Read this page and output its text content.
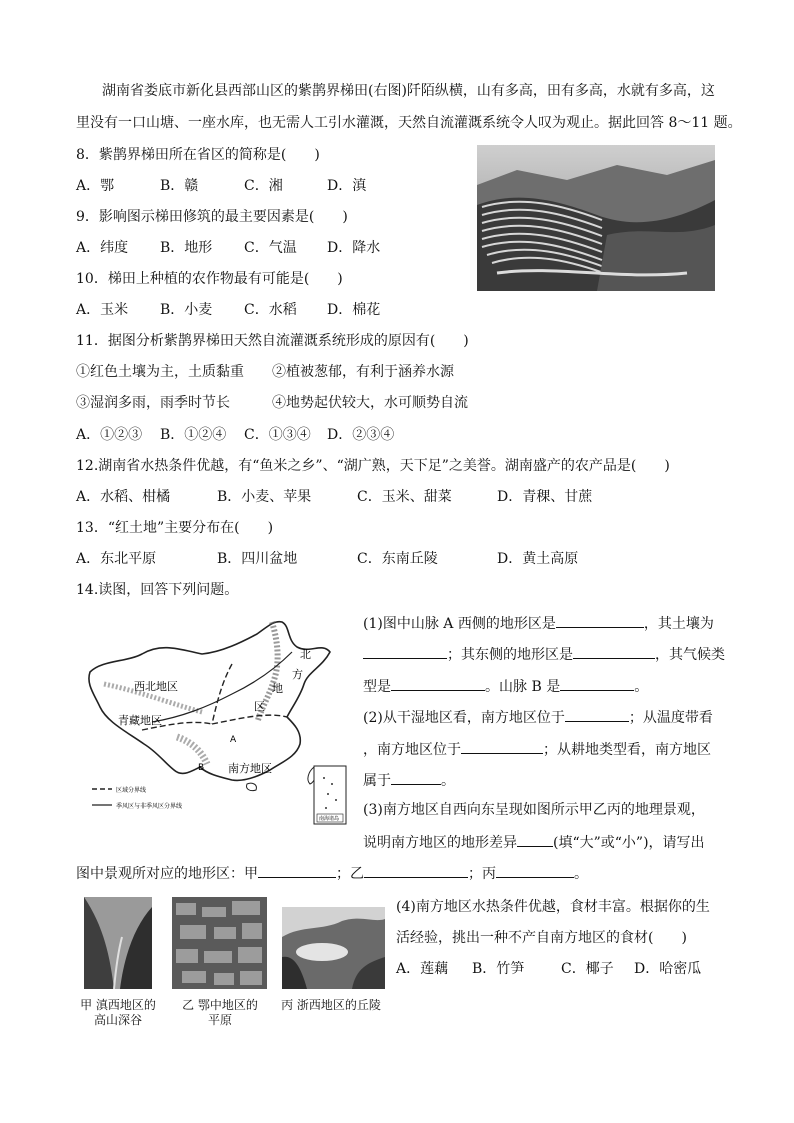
湖南省娄底市新化县西部山区的紫鹊界梯田(右图)阡陌纵横，山有多高，田有多高，水就有多高，这
里没有一口山塘、一座水库，也无需人工引水灌溉，天然自流灌溉系统令人叹为观止。据此回答 8～11 题。
8．紫鹊界梯田所在省区的简称是(　　)
A．鄂	B．赣	C．湘	D．滇
9．影响图示梯田修筑的最主要因素是(　　)
A．纬度 B．地形 C．气温 D．降水
10．梯田上种植的农作物最有可能是(　　)
A．玉米 B．小麦 C．水稻 D．棉花
11．据图分析紫鹊界梯田天然自流灌溉系统形成的原因有(　　)
①红色土壤为主，土质黏重 ②植被葱郁，有利于涵养水源
③湿润多雨，雨季时节长	④地势起伏较大，水可顺势自流
A．①②③ B．①②④ C．①③④ D．②③④
12.湖南省水热条件优越，有“鱼米之乡”、“湖广熟，天下足”之美誉。湖南盛产的农产品是(　　)
A．水稻、柑橘	B．小麦、苹果	C．玉米、甜菜	D．青稞、甘蔗
13．“红土地”主要分布在(　　)
A．东北平原	B．四川盆地	C．东南丘陵	D．黄土高原
14.读图，回答下列问题。
西北地区
青藏地区
北
方
地
区
A
B 南方地区
区域分界线
季风区与非季风区分界线
南海诸岛
(1)图中山脉 A 西侧的地形区是	，其土壤为
；其东侧的地形区是	，其气候类
型是	。山脉 B 是	。
(2)从干湿地区看，南方地区位于	；从温度带看
，南方地区位于	；从耕地类型看，南方地区
属于	。
(3)南方地区自西向东呈现如图所示甲乙丙的地理景观，
说明南方地区的地形差异	(填“大”或“小”)，请写出
图中景观所对应的地形区：甲	；乙	；丙	。
甲 滇西地区的
高山深谷
乙 鄂中地区的
平原
丙 浙西地区的丘陵
(4)南方地区水热条件优越，食材丰富。根据你的生
活经验，挑出一种不产自南方地区的食材(　　)
A．莲藕 B．竹笋	C．椰子 D．哈密瓜
